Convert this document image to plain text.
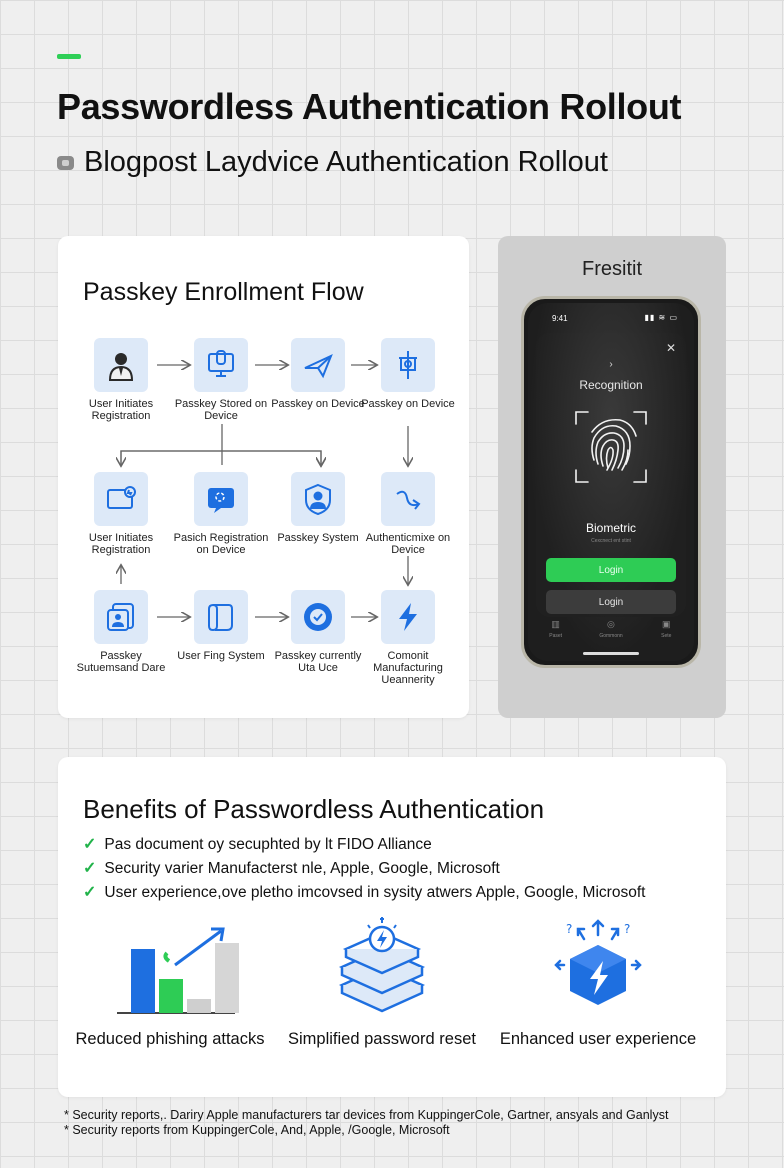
Passwordless Authentication Rollout
Blogpost Laydvice Authentication Rollout
Passkey Enrollment Flow
User Initiates Registration
Passkey Stored on Device
Passkey on Device
Passkey on Device
User Initiates Registration
Pasich Registration on Device
Passkey System Authenticmixe on Device
Passkey Sutuemsand Dare
User Fing System Passkey currently Uta Uce
Comonit Manufacturing Ueannerity
Fresitit
9:41	▮▮ ≋ ▭
✕
›
Recognition
Biometric
Cexcnect ent stint
Login
Login
▥
Paset
◎
Gommonn
▣
Sete
Benefits of Passwordless Authentication
✓ Pas document oy secuphted by lt FIDO Alliance
✓ Security varier Manufacterst nle, Apple, Google, Microsoft
✓ User experience,ove pletho imcovsed in sysity atwers Apple, Google, Microsoft
Reduced phishing attacks	Simplified password reset
?	?
Enhanced user experience
* Security reports,. Dariry Apple manufacturers tar devices from KuppingerCole, Gartner, ansyals and Ganlyst
* Security reports from KuppingerCole, And, Apple, /Google, Microsoft
